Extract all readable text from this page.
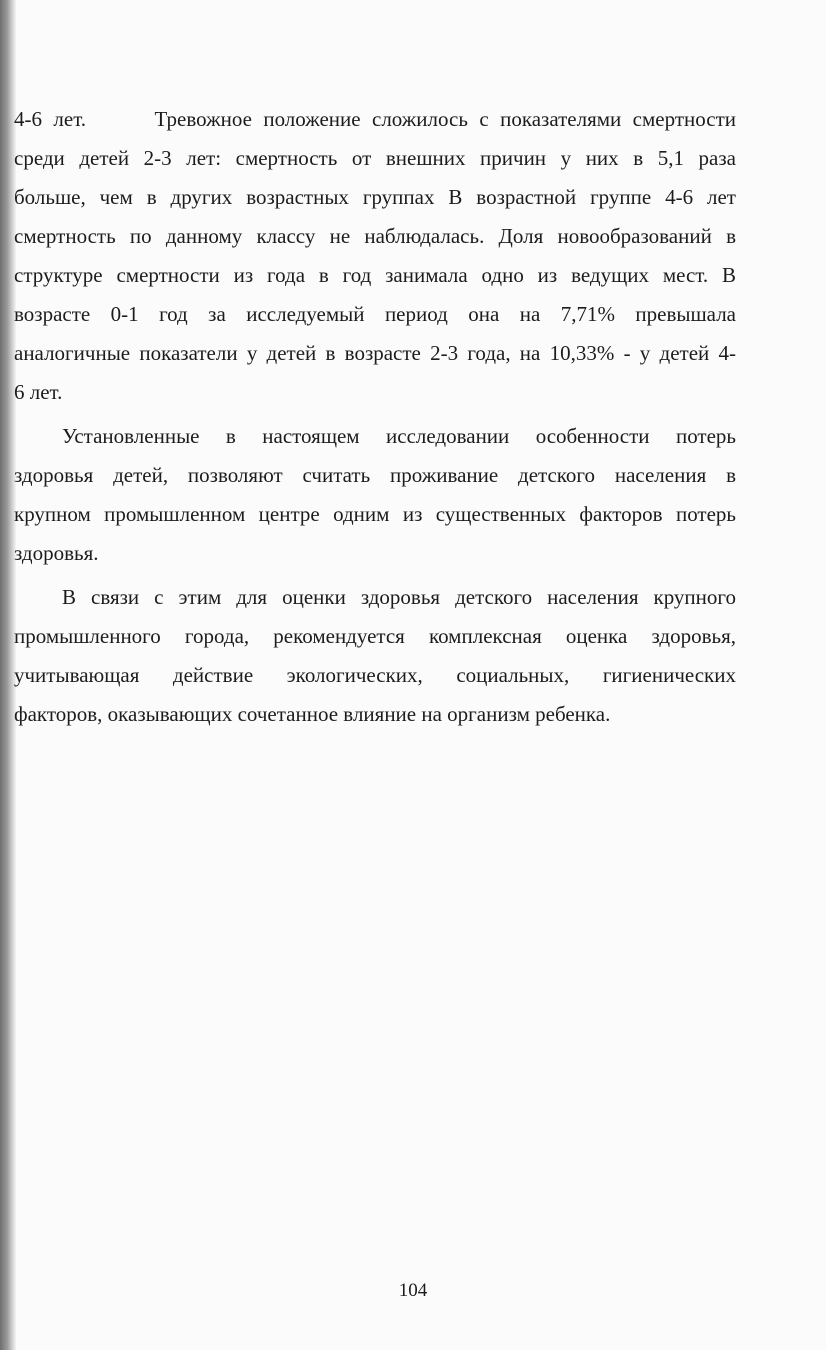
4-6 лет.      Тревожное положение сложилось с показателями смертности
среди детей 2-3 лет: смертность от внешних причин у них в 5,1 раза
больше, чем в других возрастных группах В возрастной группе 4-6 лет
смертность по данному классу не наблюдалась. Доля новообразований в
структуре смертности из года в год занимала одно из ведущих мест. В
возрасте 0-1 год за исследуемый период она на 7,71% превышала
аналогичные показатели у детей в возрасте 2-3 года, на 10,33% - у детей 4-
6 лет.
Установленные в настоящем исследовании особенности потерь
здоровья детей, позволяют считать проживание детского населения в
крупном промышленном центре одним из существенных факторов потерь
здоровья.
В связи с этим для оценки здоровья детского населения крупного
промышленного города, рекомендуется комплексная оценка здоровья,
учитывающая действие экологических, социальных, гигиенических
факторов, оказывающих сочетанное влияние на организм ребенка.
104
